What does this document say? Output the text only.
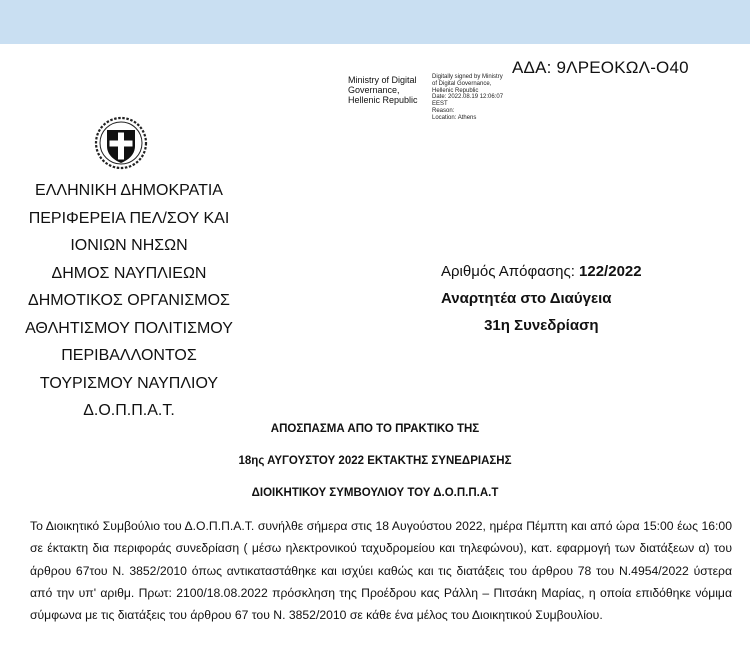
ΑΔΑ: 9ΛΡΕΟΚΩΛ-Ο40
Ministry of Digital
Governance,
Hellenic Republic
Digitally signed by Ministry
of Digital Governance,
Hellenic Republic
Date: 2022.08.19 12:06:07
EEST
Reason:
Location: Athens
ΕΛΛΗΝΙΚΗ ΔΗΜΟΚΡΑΤΙΑ
ΠΕΡΙΦΕΡΕΙΑ ΠΕΛ/ΣΟΥ ΚΑΙ
ΙΟΝΙΩΝ ΝΗΣΩΝ
ΔΗΜΟΣ ΝΑΥΠΛΙΕΩΝ
ΔΗΜΟΤΙΚΟΣ ΟΡΓΑΝΙΣΜΟΣ
ΑΘΛΗΤΙΣΜΟΥ ΠΟΛΙΤΙΣΜΟΥ
ΠΕΡΙΒΑΛΛΟΝΤΟΣ
ΤΟΥΡΙΣΜΟΥ ΝΑΥΠΛΙΟΥ
Δ.Ο.Π.Π.Α.Τ.
Αριθμός Απόφασης: 122/2022
Αναρτητέα στο Διαύγεια
31η Συνεδρίαση
ΑΠΟΣΠΑΣΜΑ ΑΠΟ ΤΟ ΠΡΑΚΤΙΚΟ ΤΗΣ
18ης ΑΥΓΟΥΣΤΟΥ 2022 ΕΚΤΑΚΤΗΣ ΣΥΝΕΔΡΙΑΣΗΣ
ΔΙΟΙΚΗΤΙΚΟΥ ΣΥΜΒΟΥΛΙΟΥ ΤΟΥ Δ.Ο.Π.Π.Α.Τ
Το Διοικητικό Συμβούλιο του Δ.Ο.Π.Π.Α.Τ. συνήλθε σήμερα στις 18 Αυγούστου 2022, ημέρα Πέμπτη και από ώρα 15:00 έως 16:00 σε έκτακτη δια περιφοράς συνεδρίαση ( μέσω ηλεκτρονικού ταχυδρομείου και τηλεφώνου), κατ. εφαρμογή των διατάξεων α) του άρθρου 67του Ν. 3852/2010 όπως αντικαταστάθηκε και ισχύει καθώς και τις διατάξεις του άρθρου 78 του Ν.4954/2022 ύστερα από την υπ' αριθμ. Πρωτ: 2100/18.08.2022 πρόσκληση της Προέδρου κας Ράλλη – Πιτσάκη Μαρίας, η οποία επιδόθηκε νόμιμα σύμφωνα με τις διατάξεις του άρθρου 67 του Ν. 3852/2010 σε κάθε ένα μέλος του Διοικητικού Συμβουλίου.
